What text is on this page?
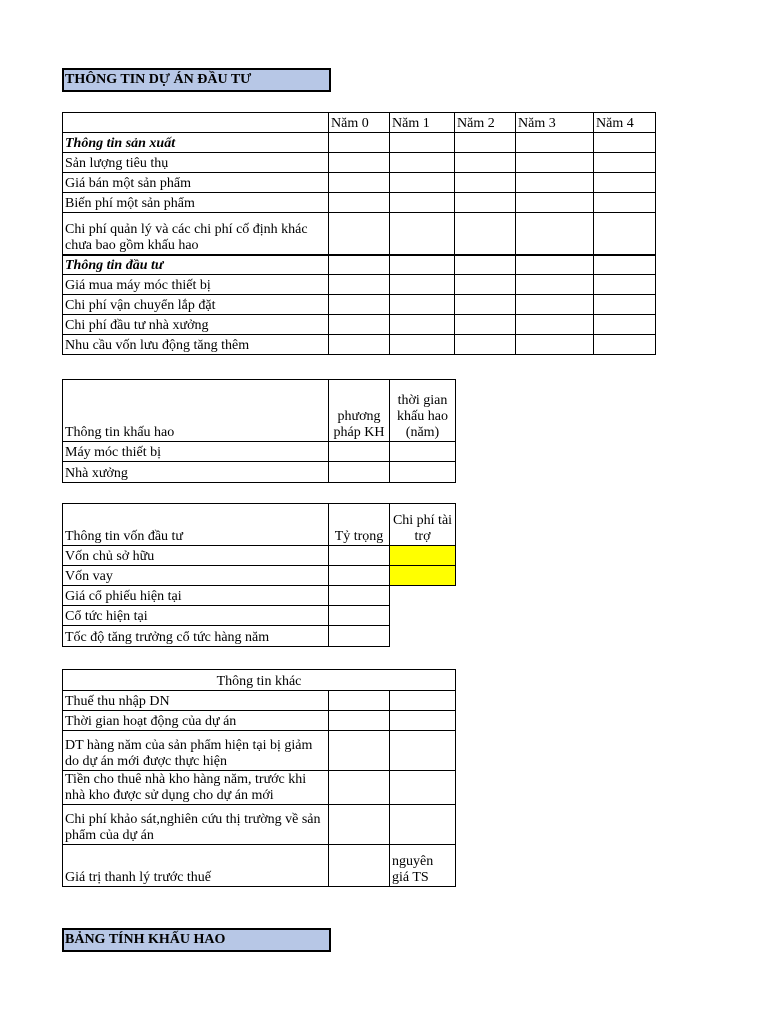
THÔNG TIN DỰ ÁN ĐẦU TƯ
	Năm 0	Năm 1	Năm 2	Năm 3	Năm 4
Thông tin sản xuất					
Sản lượng tiêu thụ					
Giá bán một sản phẩm					
Biến phí một sản phẩm					
Chi phí quản lý và các chi phí cố định khác chưa bao gồm khấu hao					
Thông tin đầu tư					
Giá mua máy móc thiết bị					
Chi phí vận chuyển lắp đặt					
Chi phí đầu tư nhà xưởng					
Nhu cầu vốn lưu động tăng thêm					
Thông tin khấu hao	phương pháp KH	thời gian khấu hao (năm)
Máy móc thiết bị		
Nhà xưởng		
Thông tin vốn đầu tư	Tỷ trọng	Chi phí tài trợ
Vốn chủ sở hữu		
Vốn vay		
Giá cổ phiếu hiện tại		
Cổ tức hiện tại		
Tốc độ tăng trưởng cổ tức hàng năm		
Thông tin khác		
Thuế thu nhập DN		
Thời gian hoạt động của dự án		
DT hàng năm của sản phẩm hiện tại bị giảm do dự án mới được thực hiện		
Tiền cho thuê nhà kho hàng năm, trước khi nhà kho được sử dụng cho dự án mới		
Chi phí khảo sát,nghiên cứu thị trường về sản phẩm của dự án		
Giá trị thanh lý trước thuế		nguyên giá TS
BẢNG TÍNH KHẤU HAO
